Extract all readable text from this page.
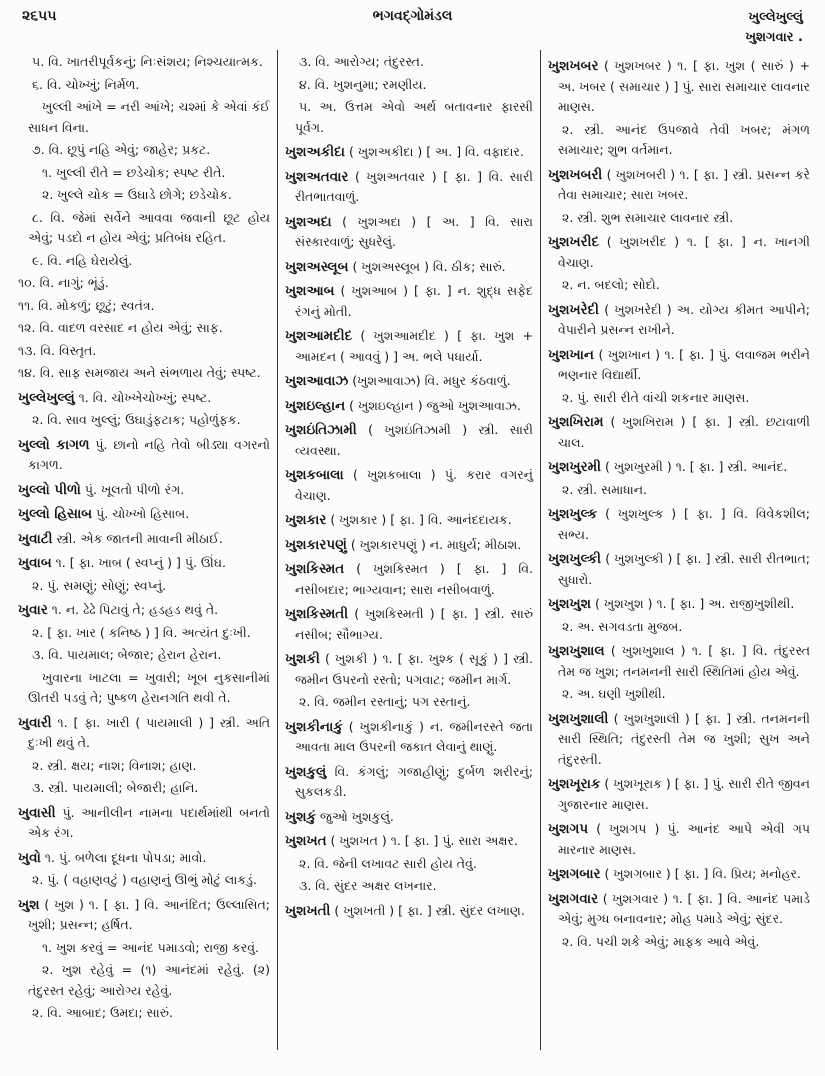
૨૬૫૫	ભગવદ્ગોમંડલ	ખુલ્લેખુલ્લું
ખુશગવાર .

૫. વિ. ખાતરીપૂર્વકનું; નિઃસંશય; નિશ્ચયાત્મક.

૬. વિ. ચોખ્ખું; નિર્મળ.

ખુલ્લી આંખે = નરી આંખે; ચશ્માં કે એવાં કંઈ સાધન વિના.

૭. વિ. છૂપું નહિ એવું; જાહેર; પ્રકટ.

૧. ખુલ્લી રીતે = છડેચોક; સ્પષ્ટ રીતે.

૨. ખુલ્લે ચોક = ઉઘાડે છોગે; છડેચોક.

૮. વિ. જેમાં સર્વેને આવવા જવાની છૂટ હોય એવું; પડદો ન હોય એવું; પ્રતિબંધ રહિત.

૯. વિ. નહિ ઘેરાયેલું.

૧૦. વિ. નાગું; ભૂંડું.

૧૧. વિ. મોકળું; છૂટું; સ્વતંત્ર.

૧૨. વિ. વાદળ વરસાદ ન હોય એવું; સાફ.

૧૩. વિ. વિસ્તૃત.

૧૪. વિ. સાફ સમજાય અને સંભળાય તેવું; સ્પષ્ટ.

ખુલ્લેખુલ્લું ૧. વિ. ચોખ્ખેચોખ્ખું; સ્પષ્ટ.

૨. વિ. સાવ ખુલ્લું; ઉઘાડુંફટાક; પહોળુંફક.

ખુલ્લો કાગળ પું. છાનો નહિ તેવો બીડ્યા વગરનો કાગળ.

ખુલ્લો પીળો પું. ખૂલતો પીળો રંગ.

ખુલ્લો હિસાબ પું. ચોખ્ખો હિસાબ.

ખુવાટી સ્ત્રી. એક જાતની માવાની મીઠાઈ.

ખુવાબ ૧. [ ફા. ખાબ ( સ્વપ્નું ) ] પું. ઊંઘ.

૨. પું. સમણું; સોણું; સ્વપ્નું.

ખુવાર ૧. ન. ઢેઢે પિટાવું તે; હડહડ થવું તે.

૨. [ ફા. ખાર ( કનિષ્ઠ ) ] વિ. અત્યંત દુઃખી.

૩. વિ. પાયમાલ; બેજાર; હેરાન હેરાન.

ખુવારના ખાટલા = ખુવારી; ખૂબ નુકસાનીમાં ઊતરી પડવું તે; પુષ્કળ હેરાનગતિ થવી તે.

ખુવારી ૧. [ ફા. ખારી ( પાયમાલી ) ] સ્ત્રી. અતિ દુઃખી થવું તે.

૨. સ્ત્રી. ક્ષય; નાશ; વિનાશ; હાણ.

૩. સ્ત્રી. પાયમાલી; બેજારી; હાનિ.

ખુવાસી પું. આનીલીન નામના પદાર્થમાંથી બનતો એક રંગ.

ખુવો ૧. પું. બળેલા દૂધના પોપડા; માવો.

૨. પું. ( વહાણવટું ) વહાણનું ઊભું મોટું લાકડું.

ખુશ ( ખુશ ) ૧. [ ફા. ] વિ. આનંદિત; ઉલ્લાસિત; ખુશી; પ્રસન્ન; હર્ષિત.

૧. ખુશ કરવું = આનંદ પમાડવો; રાજી કરવું.

૨. ખુશ રહેવું = (૧) આનંદમાં રહેવું. (૨) તંદુરસ્ત રહેવું; આરોગ્ય રહેવું.

૨. વિ. આબાદ; ઉમદા; સારું.

૩. વિ. આરોગ્ય; તંદુરસ્ત.

૪. વિ. ખુશનુમા; રમણીય.

૫. અ. ઉત્તમ એવો અર્થ બતાવનાર ફારસી પૂર્વગ.

ખુશઅકીદા ( ખુશઅકીદા ) [ અ. ] વિ. વફાદાર.

ખુશઅતવાર ( ખુશઅતવાર ) [ ફા. ] વિ. સારી રીતભાતવાળું.

ખુશઅદા ( ખુશઅદા ) [ અ. ] વિ. સારા સંસ્કારવાળું; સુધરેલું.

ખુશઅસ્લૂબ ( ખુશઅસ્લૂબ ) વિ. ઠીક; સારું.

ખુશઆબ ( ખુશઆબ ) [ ફા. ] ન. શુદ્ધ સફેદ રંગનું મોતી.

ખુશઆમદીદ ( ખુશઆમદીદ ) [ ફા. ખુશ + આમદન ( આવવું ) ] અ. ભલે પધાર્યા.

ખુશઆવાઝ (ખુશઆવાઝ) વિ. મધુર કંઠવાળું.

ખુશઇલ્હાન ( ખુશઇલ્હાન ) જુઓ ખુશઆવાઝ.

ખુશઇંતિઝામી ( ખુશઇંતિઝામી ) સ્ત્રી. સારી વ્યવસ્થા.

ખુશકબાલા ( ખુશકબાલા ) પું. કરાર વગરનું વેચાણ.

ખુશકાર ( ખુશકાર ) [ ફા. ] વિ. આનંદદાયક.

ખુશકારપણું ( ખુશકારપણું ) ન. માધુર્ય; મીઠાશ.

ખુશકિસ્મત ( ખુશકિસ્મત ) [ ફા. ] વિ. નસીબદાર; ભાગ્યવાન; સારા નસીબવાળું.

ખુશકિસ્મતી ( ખુશકિસ્મતી ) [ ફા. ] સ્ત્રી. સારું નસીબ; સૌભાગ્ય.

ખુશકી ( ખુશકી ) ૧. [ ફા. ખુશ્ક ( સૂકું ) ] સ્ત્રી. જમીન ઉપરનો રસ્તો; પગવાટ; જમીન માર્ગ.

૨. વિ. જમીન રસ્તાનું; પગ રસ્તાનું.

ખુશકીનાકું ( ખુશકીનાકું ) ન. જમીનરસ્તે જતા આવતા માલ ઉપરની જકાત લેવાનું થાણું.

ખુશકુલું વિ. કંગલું; ગજાહીણું; દુર્બળ શરીરનું; સુકલકડી.

ખુશકું જુઓ ખુશકુલું.

ખુશખત ( ખુશખત ) ૧. [ ફા. ] પું. સારા અક્ષર.

૨. વિ. જેની લખાવટ સારી હોય તેવું.

૩. વિ. સુંદર અક્ષર લખનાર.

ખુશખતી ( ખુશખતી ) [ ફા. ] સ્ત્રી. સુંદર લખાણ.

ખુશખબર ( ખુશખબર ) ૧. [ ફા. ખુશ ( સારું ) + અ. ખબર ( સમાચાર ) ] પું. સારા સમાચાર લાવનાર માણસ.

૨. સ્ત્રી. આનંદ ઉપજાવે તેવી ખબર; મંગળ સમાચાર; શુભ વર્તમાન.

ખુશખબરી ( ખુશખબરી ) ૧. [ ફા. ] સ્ત્રી. પ્રસન્ન કરે તેવા સમાચાર; સારા ખબર.

૨. સ્ત્રી. શુભ સમાચાર લાવનાર સ્ત્રી.

ખુશખરીદ ( ખુશખરીદ ) ૧. [ ફા. ] ન. ખાનગી વેચાણ.

૨. ન. બદલો; સોદો.

ખુશખરેદી ( ખુશખરેદી ) અ. યોગ્ય કીમત આપીને; વેપારીને પ્રસન્ન રાખીને.

ખુશખાન ( ખુશખાન ) ૧. [ ફા. ] પું. લવાજમ ભરીને ભણનાર વિદ્યાર્થી.

૨. પું. સારી રીતે વાંચી શકનાર માણસ.

ખુશખિરામ ( ખુશખિરામ ) [ ફા. ] સ્ત્રી. છટાવાળી ચાલ.

ખુશખુરમી ( ખુશખુરમી ) ૧. [ ફા. ] સ્ત્રી. આનંદ.

૨. સ્ત્રી. સમાધાન.

ખુશખુલ્ક ( ખુશખુલ્ક ) [ ફા. ] વિ. વિવેકશીલ; સભ્ય.

ખુશખુલ્કી ( ખુશખુલ્કી ) [ ફા. ] સ્ત્રી. સારી રીતભાત; સુધારો.

ખુશખુશ ( ખુશખુશ ) ૧. [ ફા. ] અ. રાજીખુશીથી.

૨. અ. સગવડતા મુજબ.

ખુશખુશાલ ( ખુશખુશાલ ) ૧. [ ફા. ] વિ. તંદુરસ્ત તેમ જ ખુશ; તનમનની સારી સ્થિતિમાં હોય એવું.

૨. અ. ઘણી ખુશીથી.

ખુશખુશાલી ( ખુશખુશાલી ) [ ફા. ] સ્ત્રી. તનમનની સારી સ્થિતિ; તંદુરસ્તી તેમ જ ખુશી; સુખ અને તંદુરસ્તી.

ખુશખૂરાક ( ખુશખૂરાક ) [ ફા. ] પું. સારી રીતે જીવન ગુજારનાર માણસ.

ખુશગપ ( ખુશગપ ) પું. આનંદ આપે એવી ગપ મારનાર માણસ.

ખુશગબાર ( ખુશગબાર ) [ ફા. ] વિ. પ્રિય; મનોહર.

ખુશગવાર ( ખુશગવાર ) ૧. [ ફા. ] વિ. આનંદ પમાડે એવું; મુગ્ધ બનાવનાર; મોહ પમાડે એવું; સુંદર.

૨. વિ. પચી શકે એવું; માફક આવે એવું.
